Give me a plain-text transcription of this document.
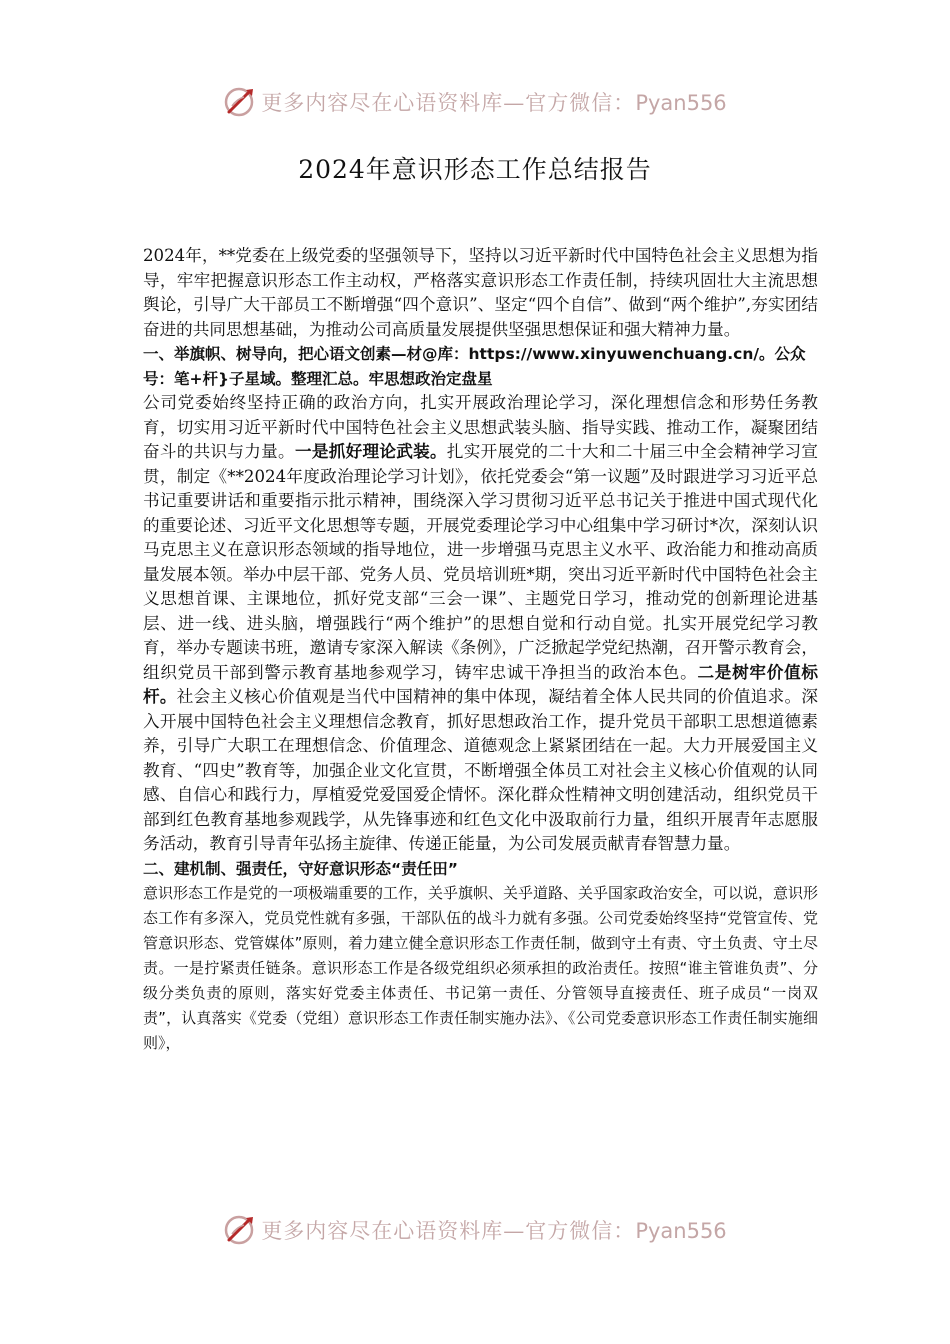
更多内容尽在心语资料库—官方微信：Pyan556
2024年意识形态工作总结报告

2024年，**党委在上级党委的坚强领导下，坚持以习近平新时代中国特色社会主义思想为指导，牢牢把握意识形态工作主动权，严格落实意识形态工作责任制，持续巩固壮大主流思想舆论，引导广大干部员工不断增强“四个意识”、坚定“四个自信”、做到“两个维护”,夯实团结奋进的共同思想基础，为推动公司高质量发展提供坚强思想保证和强大精神力量。

一、举旗帜、树导向，把心语文创素—材@库：https://www.xinyuwenchuang.cn/。公众号：笔+杆}子星域。整理汇总。牢思想政治定盘星

公司党委始终坚持正确的政治方向，扎实开展政治理论学习，深化理想信念和形势任务教育，切实用习近平新时代中国特色社会主义思想武装头脑、指导实践、推动工作，凝聚团结奋斗的共识与力量。一是抓好理论武装。扎实开展党的二十大和二十届三中全会精神学习宣贯，制定《**2024年度政治理论学习计划》，依托党委会“第一议题”及时跟进学习习近平总书记重要讲话和重要指示批示精神，围绕深入学习贯彻习近平总书记关于推进中国式现代化的重要论述、习近平文化思想等专题，开展党委理论学习中心组集中学习研讨*次，深刻认识马克思主义在意识形态领域的指导地位，进一步增强马克思主义水平、政治能力和推动高质量发展本领。举办中层干部、党务人员、党员培训班*期，突出习近平新时代中国特色社会主义思想首课、主课地位，抓好党支部“三会一课”、主题党日学习，推动党的创新理论进基层、进一线、进头脑，增强践行“两个维护”的思想自觉和行动自觉。扎实开展党纪学习教育，举办专题读书班，邀请专家深入解读《条例》，广泛掀起学党纪热潮，召开警示教育会，组织党员干部到警示教育基地参观学习，铸牢忠诚干净担当的政治本色。二是树牢价值标杆。社会主义核心价值观是当代中国精神的集中体现，凝结着全体人民共同的价值追求。深入开展中国特色社会主义理想信念教育，抓好思想政治工作，提升党员干部职工思想道德素养，引导广大职工在理想信念、价值理念、道德观念上紧紧团结在一起。大力开展爱国主义教育、“四史”教育等，加强企业文化宣贯，不断增强全体员工对社会主义核心价值观的认同感、自信心和践行力，厚植爱党爱国爱企情怀。深化群众性精神文明创建活动，组织党员干部到红色教育基地参观践学，从先锋事迹和红色文化中汲取前行力量，组织开展青年志愿服务活动，教育引导青年弘扬主旋律、传递正能量，为公司发展贡献青春智慧力量。

二、建机制、强责任，守好意识形态“责任田”

意识形态工作是党的一项极端重要的工作，关乎旗帜、关乎道路、关乎国家政治安全，可以说，意识形态工作有多深入，党员党性就有多强，干部队伍的战斗力就有多强。公司党委始终坚持“党管宣传、党管意识形态、党管媒体”原则，着力建立健全意识形态工作责任制，做到守土有责、守土负责、守土尽责。一是拧紧责任链条。意识形态工作是各级党组织必须承担的政治责任。按照“谁主管谁负责”、分级分类负责的原则，落实好党委主体责任、书记第一责任、分管领导直接责任、班子成员“一岗双责”，认真落实《党委（党组）意识形态工作责任制实施办法》、《公司党委意识形态工作责任制实施细则》，

更多内容尽在心语资料库—官方微信：Pyan556
